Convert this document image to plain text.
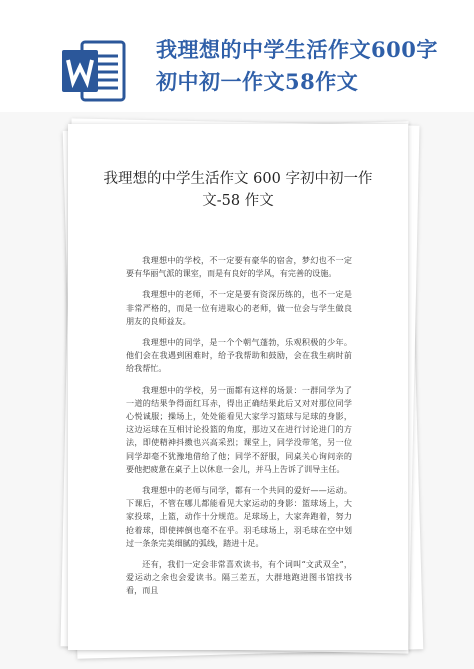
我理想的中学生活作文600字初中初一作文58作文
我理想的中学生活作文 600 字初中初一作文-58 作文

我理想中的学校，不一定要有豪华的宿舍，梦幻也不一定要有华丽气派的课室，而是有良好的学风，有完善的设施。

我理想中的老师，不一定是要有资深历练的，也不一定是非常严格的，而是一位有进取心的老师，做一位会与学生做良朋友的良师益友。

我理想中的同学，是一个个朝气蓬勃，乐观积极的少年。他们会在我遇到困难时，给予我帮助和鼓励，会在我生病时前给我帮忙。

我理想中的学校，另一面都有这样的场景：一群同学为了一道的结果争得面红耳赤，得出正确结果此后又对对那位同学心悦诚服；操场上，处处能看见大家学习篮球与足球的身影，这边运球在互相讨论投篮的角度，那边又在进行讨论进门的方法，即使精神抖擞也兴高采烈；课堂上，同学没带笔，另一位同学却毫不犹豫地借给了他；同学不舒服，同桌关心询问亲的要他把疲惫在桌子上以休息一会儿，并马上告诉了训导主任。

我理想中的老师与同学，都有一个共同的爱好——运动。下课后，不管在哪儿都能看见大家运动的身影：篮球场上，大家投球，上篮，动作十分规范。足球场上，大家奔跑着，努力抢着球，即使摔倒也毫不在乎。羽毛球场上，羽毛球在空中划过一条条完美细腻的弧线，踏进十足。

还有，我们一定会非常喜欢读书，有个词叫“文武双全”，爱运动之余也会爱读书。隔三差五，大群地跑进图书馆找书看，而且
